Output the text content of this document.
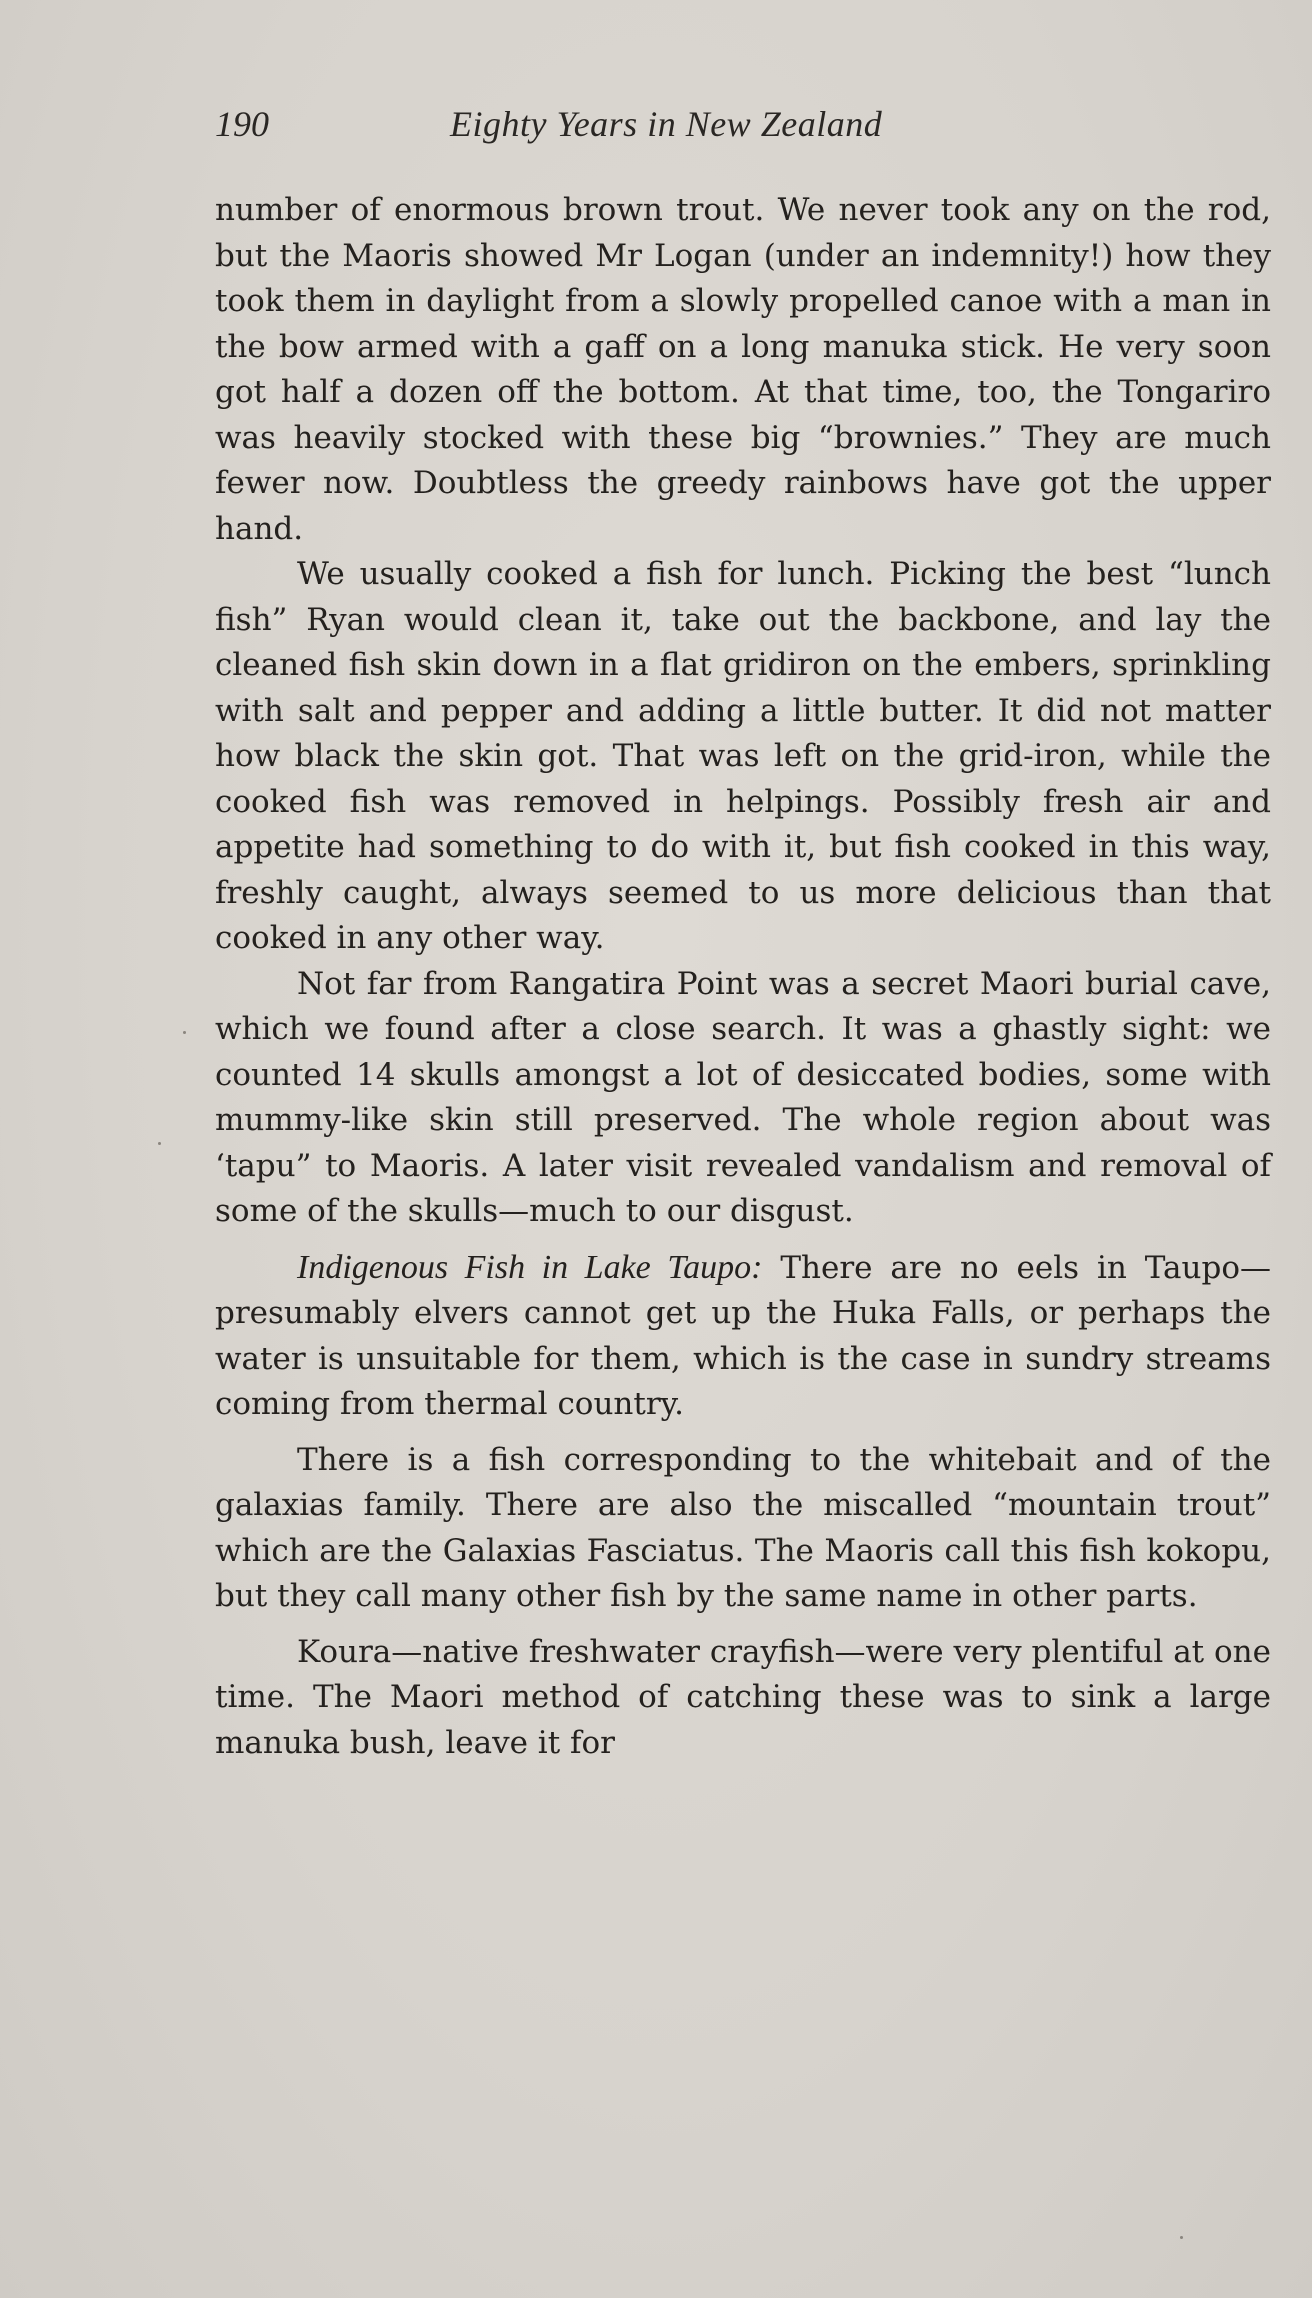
190	Eighty Years in New Zealand

number of enormous brown trout. We never took any on the rod, but the Maoris showed Mr Logan (under an indemnity!) how they took them in daylight from a slowly propelled canoe with a man in the bow armed with a gaff on a long manuka stick. He very soon got half a dozen off the bottom. At that time, too, the Tongariro was heavily stocked with these big “brownies.” They are much fewer now. Doubtless the greedy rainbows have got the upper hand.

We usually cooked a fish for lunch. Picking the best “lunch fish” Ryan would clean it, take out the backbone, and lay the cleaned fish skin down in a flat gridiron on the embers, sprinkling with salt and pepper and adding a little butter. It did not matter how black the skin got. That was left on the grid-iron, while the cooked fish was removed in helpings. Possibly fresh air and appetite had something to do with it, but fish cooked in this way, freshly caught, always seemed to us more delicious than that cooked in any other way.

Not far from Rangatira Point was a secret Maori burial cave, which we found after a close search. It was a ghastly sight: we counted 14 skulls amongst a lot of desiccated bodies, some with mummy-like skin still preserved. The whole region about was ‘tapu” to Maoris. A later visit revealed vandalism and removal of some of the skulls—much to our disgust.

Indigenous Fish in Lake Taupo: There are no eels in Taupo—presumably elvers cannot get up the Huka Falls, or perhaps the water is unsuitable for them, which is the case in sundry streams coming from thermal country.

There is a fish corresponding to the whitebait and of the galaxias family. There are also the miscalled “mountain trout” which are the Galaxias Fasciatus. The Maoris call this fish kokopu, but they call many other fish by the same name in other parts.

Koura—native freshwater crayfish—were very plentiful at one time. The Maori method of catching these was to sink a large manuka bush, leave it for
